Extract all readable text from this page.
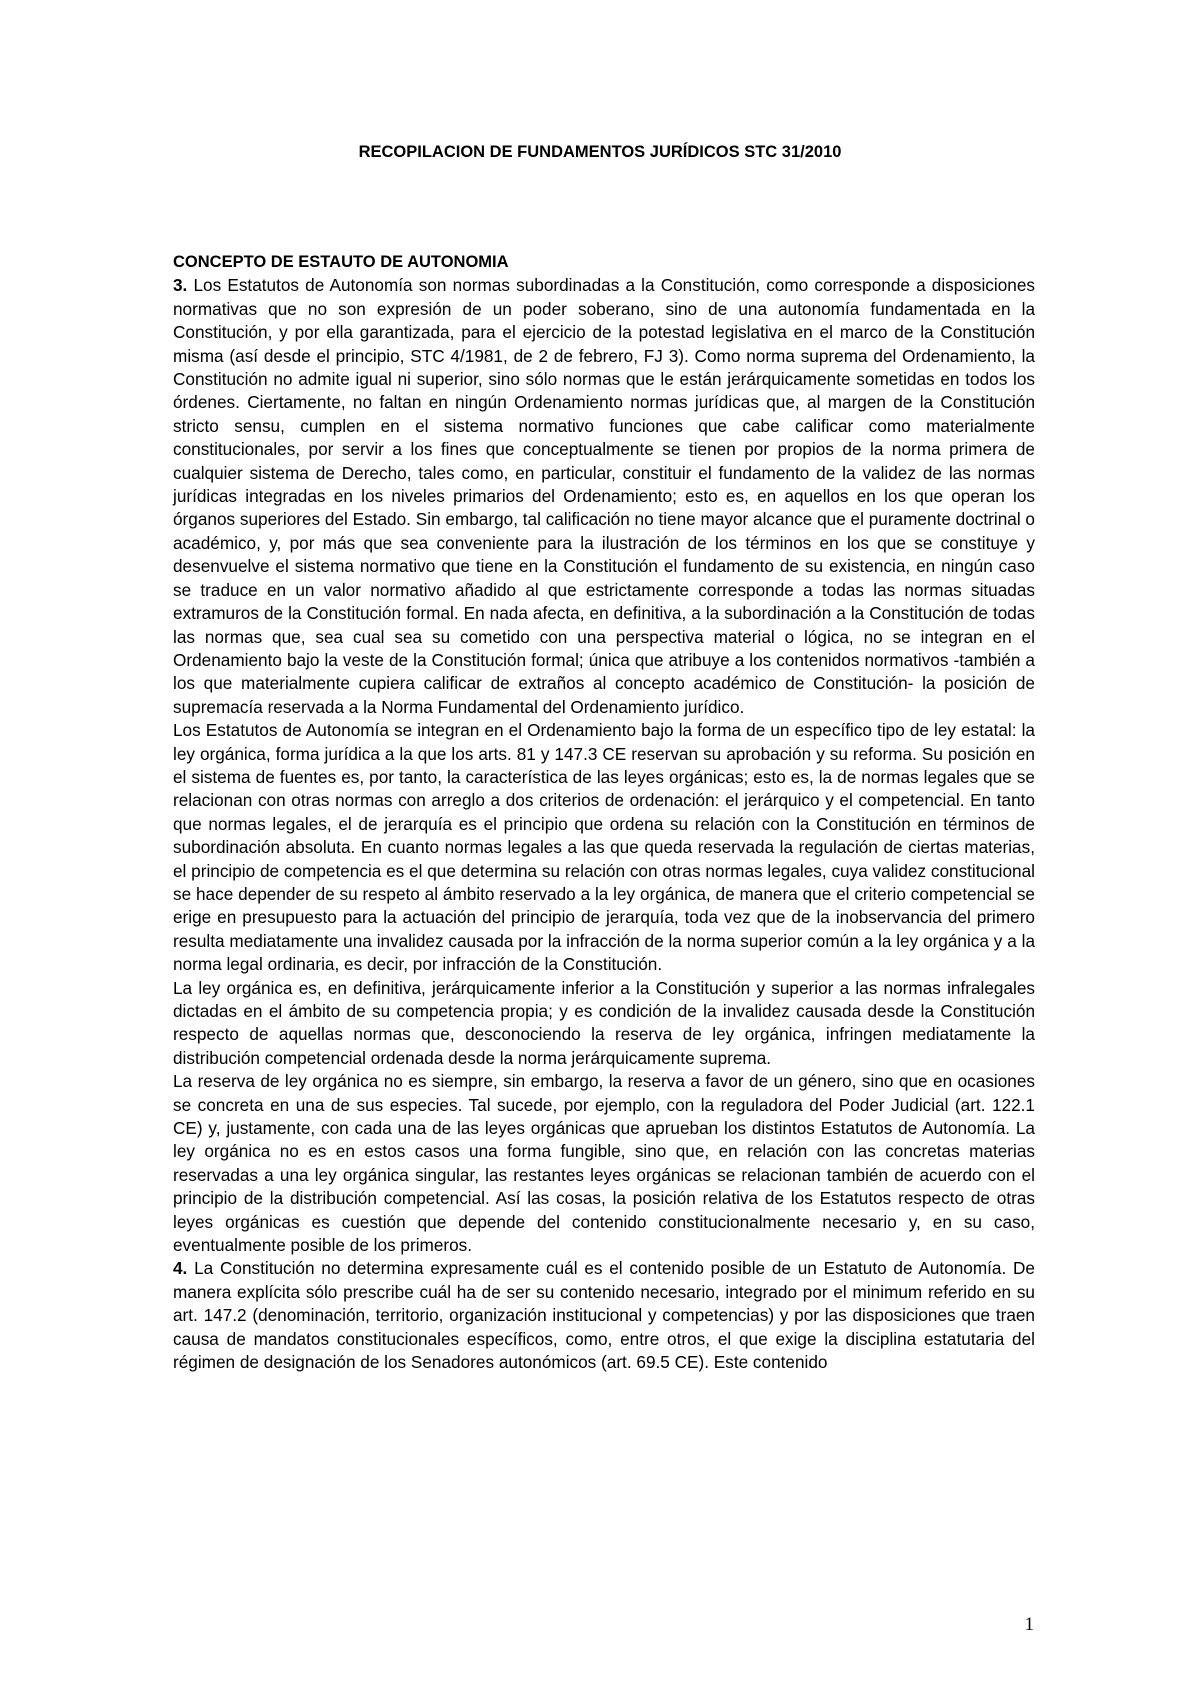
RECOPILACION DE FUNDAMENTOS JURÍDICOS STC 31/2010

CONCEPTO DE ESTAUTO DE AUTONOMIA

3. Los Estatutos de Autonomía son normas subordinadas a la Constitución, como corresponde a disposiciones normativas que no son expresión de un poder soberano, sino de una autonomía fundamentada en la Constitución, y por ella garantizada, para el ejercicio de la potestad legislativa en el marco de la Constitución misma (así desde el principio, STC 4/1981, de 2 de febrero, FJ 3). Como norma suprema del Ordenamiento, la Constitución no admite igual ni superior, sino sólo normas que le están jerárquicamente sometidas en todos los órdenes. Ciertamente, no faltan en ningún Ordenamiento normas jurídicas que, al margen de la Constitución stricto sensu, cumplen en el sistema normativo funciones que cabe calificar como materialmente constitucionales, por servir a los fines que conceptualmente se tienen por propios de la norma primera de cualquier sistema de Derecho, tales como, en particular, constituir el fundamento de la validez de las normas jurídicas integradas en los niveles primarios del Ordenamiento; esto es, en aquellos en los que operan los órganos superiores del Estado. Sin embargo, tal calificación no tiene mayor alcance que el puramente doctrinal o académico, y, por más que sea conveniente para la ilustración de los términos en los que se constituye y desenvuelve el sistema normativo que tiene en la Constitución el fundamento de su existencia, en ningún caso se traduce en un valor normativo añadido al que estrictamente corresponde a todas las normas situadas extramuros de la Constitución formal. En nada afecta, en definitiva, a la subordinación a la Constitución de todas las normas que, sea cual sea su cometido con una perspectiva material o lógica, no se integran en el Ordenamiento bajo la veste de la Constitución formal; única que atribuye a los contenidos normativos -también a los que materialmente cupiera calificar de extraños al concepto académico de Constitución- la posición de supremacía reservada a la Norma Fundamental del Ordenamiento jurídico.

Los Estatutos de Autonomía se integran en el Ordenamiento bajo la forma de un específico tipo de ley estatal: la ley orgánica, forma jurídica a la que los arts. 81 y 147.3 CE reservan su aprobación y su reforma. Su posición en el sistema de fuentes es, por tanto, la característica de las leyes orgánicas; esto es, la de normas legales que se relacionan con otras normas con arreglo a dos criterios de ordenación: el jerárquico y el competencial. En tanto que normas legales, el de jerarquía es el principio que ordena su relación con la Constitución en términos de subordinación absoluta. En cuanto normas legales a las que queda reservada la regulación de ciertas materias, el principio de competencia es el que determina su relación con otras normas legales, cuya validez constitucional se hace depender de su respeto al ámbito reservado a la ley orgánica, de manera que el criterio competencial se erige en presupuesto para la actuación del principio de jerarquía, toda vez que de la inobservancia del primero resulta mediatamente una invalidez causada por la infracción de la norma superior común a la ley orgánica y a la norma legal ordinaria, es decir, por infracción de la Constitución.

La ley orgánica es, en definitiva, jerárquicamente inferior a la Constitución y superior a las normas infralegales dictadas en el ámbito de su competencia propia; y es condición de la invalidez causada desde la Constitución respecto de aquellas normas que, desconociendo la reserva de ley orgánica, infringen mediatamente la distribución competencial ordenada desde la norma jerárquicamente suprema.

La reserva de ley orgánica no es siempre, sin embargo, la reserva a favor de un género, sino que en ocasiones se concreta en una de sus especies. Tal sucede, por ejemplo, con la reguladora del Poder Judicial (art. 122.1 CE) y, justamente, con cada una de las leyes orgánicas que aprueban los distintos Estatutos de Autonomía. La ley orgánica no es en estos casos una forma fungible, sino que, en relación con las concretas materias reservadas a una ley orgánica singular, las restantes leyes orgánicas se relacionan también de acuerdo con el principio de la distribución competencial. Así las cosas, la posición relativa de los Estatutos respecto de otras leyes orgánicas es cuestión que depende del contenido constitucionalmente necesario y, en su caso, eventualmente posible de los primeros.

4. La Constitución no determina expresamente cuál es el contenido posible de un Estatuto de Autonomía. De manera explícita sólo prescribe cuál ha de ser su contenido necesario, integrado por el minimum referido en su art. 147.2 (denominación, territorio, organización institucional y competencias) y por las disposiciones que traen causa de mandatos constitucionales específicos, como, entre otros, el que exige la disciplina estatutaria del régimen de designación de los Senadores autonómicos (art. 69.5 CE). Este contenido

1
